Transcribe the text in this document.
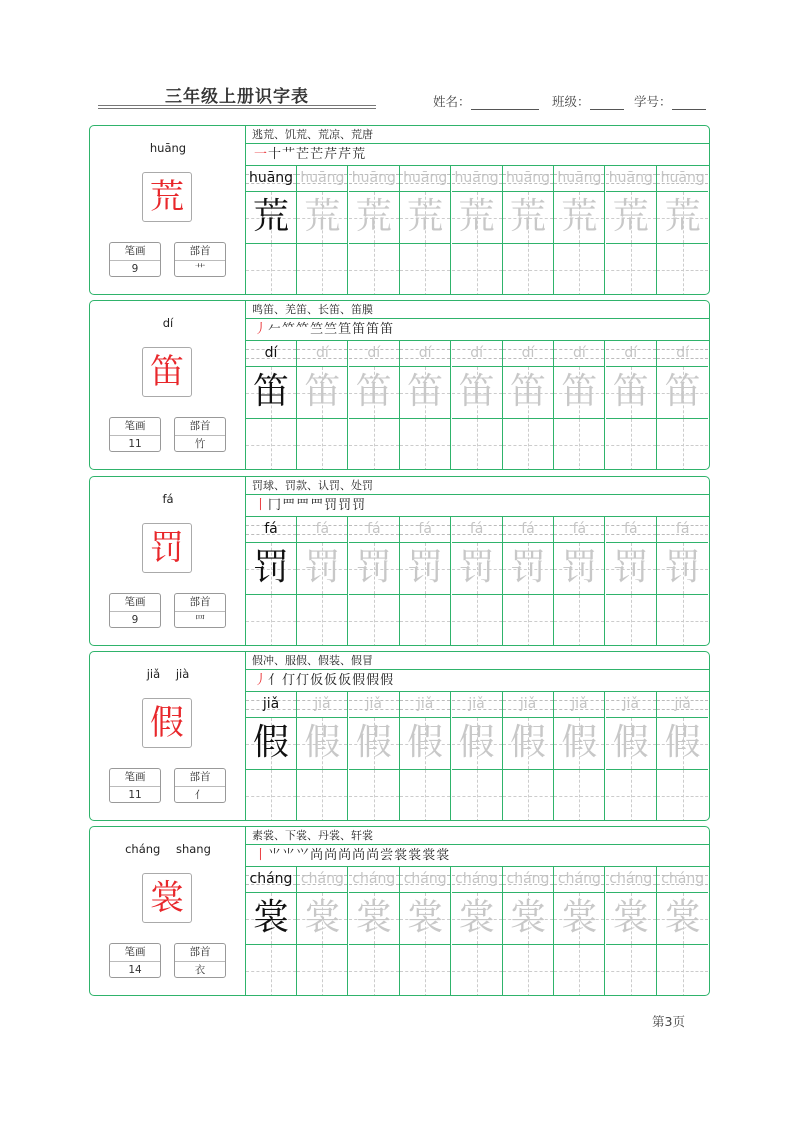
三年级上册识字表	姓名：	班级：	学号：
huāng
荒
笔画
9
部首
艹
逃荒、饥荒、荒凉、荒唐
一十艹芒芒芹芹荒
huāng
荒
huāng
荒
huāng
荒
huāng
荒
huāng
荒
huāng
荒
huāng
荒
huāng
荒
huāng
荒
dí
笛
笔画
11
部首
竹
鸣笛、羌笛、长笛、笛膜
丿𠂉𥫗𥫗竺竺笪笛笛笛
dí
笛
dí
笛
dí
笛
dí
笛
dí
笛
dí
笛
dí
笛
dí
笛
dí
笛
fá
罚
笔画
9
部首
罒
罚球、罚款、认罚、处罚
丨冂罒罒罒罚罚罚
fá
罚
fá
罚
fá
罚
fá
罚
fá
罚
fá
罚
fá
罚
fá
罚
fá
罚
jiǎ jià
假
笔画
11
部首
亻
假冲、服假、假装、假冒
丿亻仃仃仮仮仮假假假
jiǎ
假
jiǎ
假
jiǎ
假
jiǎ
假
jiǎ
假
jiǎ
假
jiǎ
假
jiǎ
假
jiǎ
假
cháng shang
裳
笔画
14
部首
衣
素裳、下裳、丹裳、轩裳
丨⺌⺌⺍尚尚尚尚尚尝裳裳裳裳
cháng
裳
cháng
裳
cháng
裳
cháng
裳
cháng
裳
cháng
裳
cháng
裳
cháng
裳
cháng
裳
第3页
